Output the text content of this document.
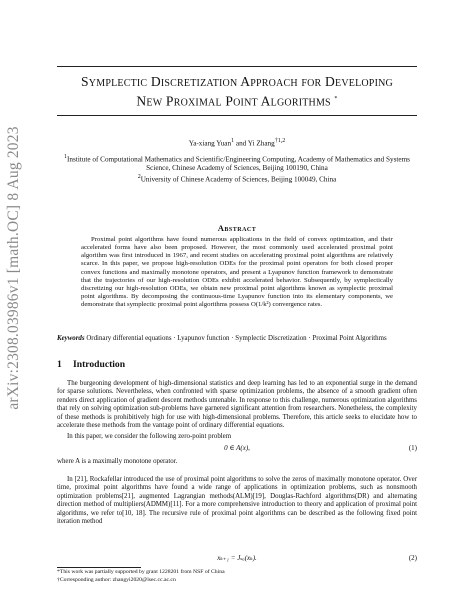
arXiv:2308.03986v1 [math.OC] 8 Aug 2023
Symplectic Discretization Approach for Developing
New Proximal Point Algorithms *
Ya-xiang Yuan$^1$ and Yi Zhang$^{\dagger 1,2}$
$^1$Institute of Computational Mathematics and Scientific/Engineering Computing, Academy of Mathematics and Systems Science, Chinese Academy of Sciences, Beijing 100190, China
$^2$University of Chinese Academy of Sciences, Beijing 100049, China
Abstract
Proximal point algorithms have found numerous applications in the field of convex optimization, and their accelerated forms have also been proposed. However, the most commonly used accelerated proximal point algorithm was first introduced in 1967, and recent studies on accelerating proximal point algorithms are relatively scarce. In this paper, we propose high-resolution ODEs for the proximal point operators for both closed proper convex functions and maximally monotone operators, and present a Lyapunov function framework to demonstrate that the trajectories of our high-resolution ODEs exhibit accelerated behavior. Subsequently, by symplectically discretizing our high-resolution ODEs, we obtain new proximal point algorithms known as symplectic proximal point algorithms. By decomposing the continuous-time Lyapunov function into its elementary components, we demonstrate that symplectic proximal point algorithms possess O(1/k²) convergence rates.
Keywords Ordinary differential equations · Lyapunov function · Symplectic Discretization · Proximal Point Algorithms
1 Introduction
The burgeoning development of high-dimensional statistics and deep learning has led to an exponential surge in the demand for sparse solutions. Nevertheless, when confronted with sparse optimization problems, the absence of a smooth gradient often renders direct application of gradient descent methods untenable. In response to this challenge, numerous optimization algorithms that rely on solving optimization sub-problems have garnered significant attention from researchers. Nonetheless, the complexity of these methods is prohibitively high for use with high-dimensional problems. Therefore, this article seeks to elucidate how to accelerate these methods from the vantage point of ordinary differential equations.
In this paper, we consider the following zero-point problem
0 ∈ A(x),	(1)
where A is a maximally monotone operator.
In [21], Rockafellar introduced the use of proximal point algorithms to solve the zeros of maximally monotone operator. Over time, proximal point algorithms have found a wide range of applications in optimization problems, such as nonsmooth optimization problems[21], augmented Lagrangian methods(ALM)[19], Douglas-Rachford algorithms(DR) and alternating direction method of multipliers(ADMM)[11]. For a more comprehensive introduction to theory and application of proximal point algorithms, we refer to[10, 18]. The recursive rule of proximal point algorithms can be described as the following fixed point iteration method
xₖ₊₁ = Jₛₐ(xₖ).	(2)
*This work was partially supported by grant 1228201 from NSF of China
†Corresponding author: zhangyi2020@lsec.cc.ac.cn
